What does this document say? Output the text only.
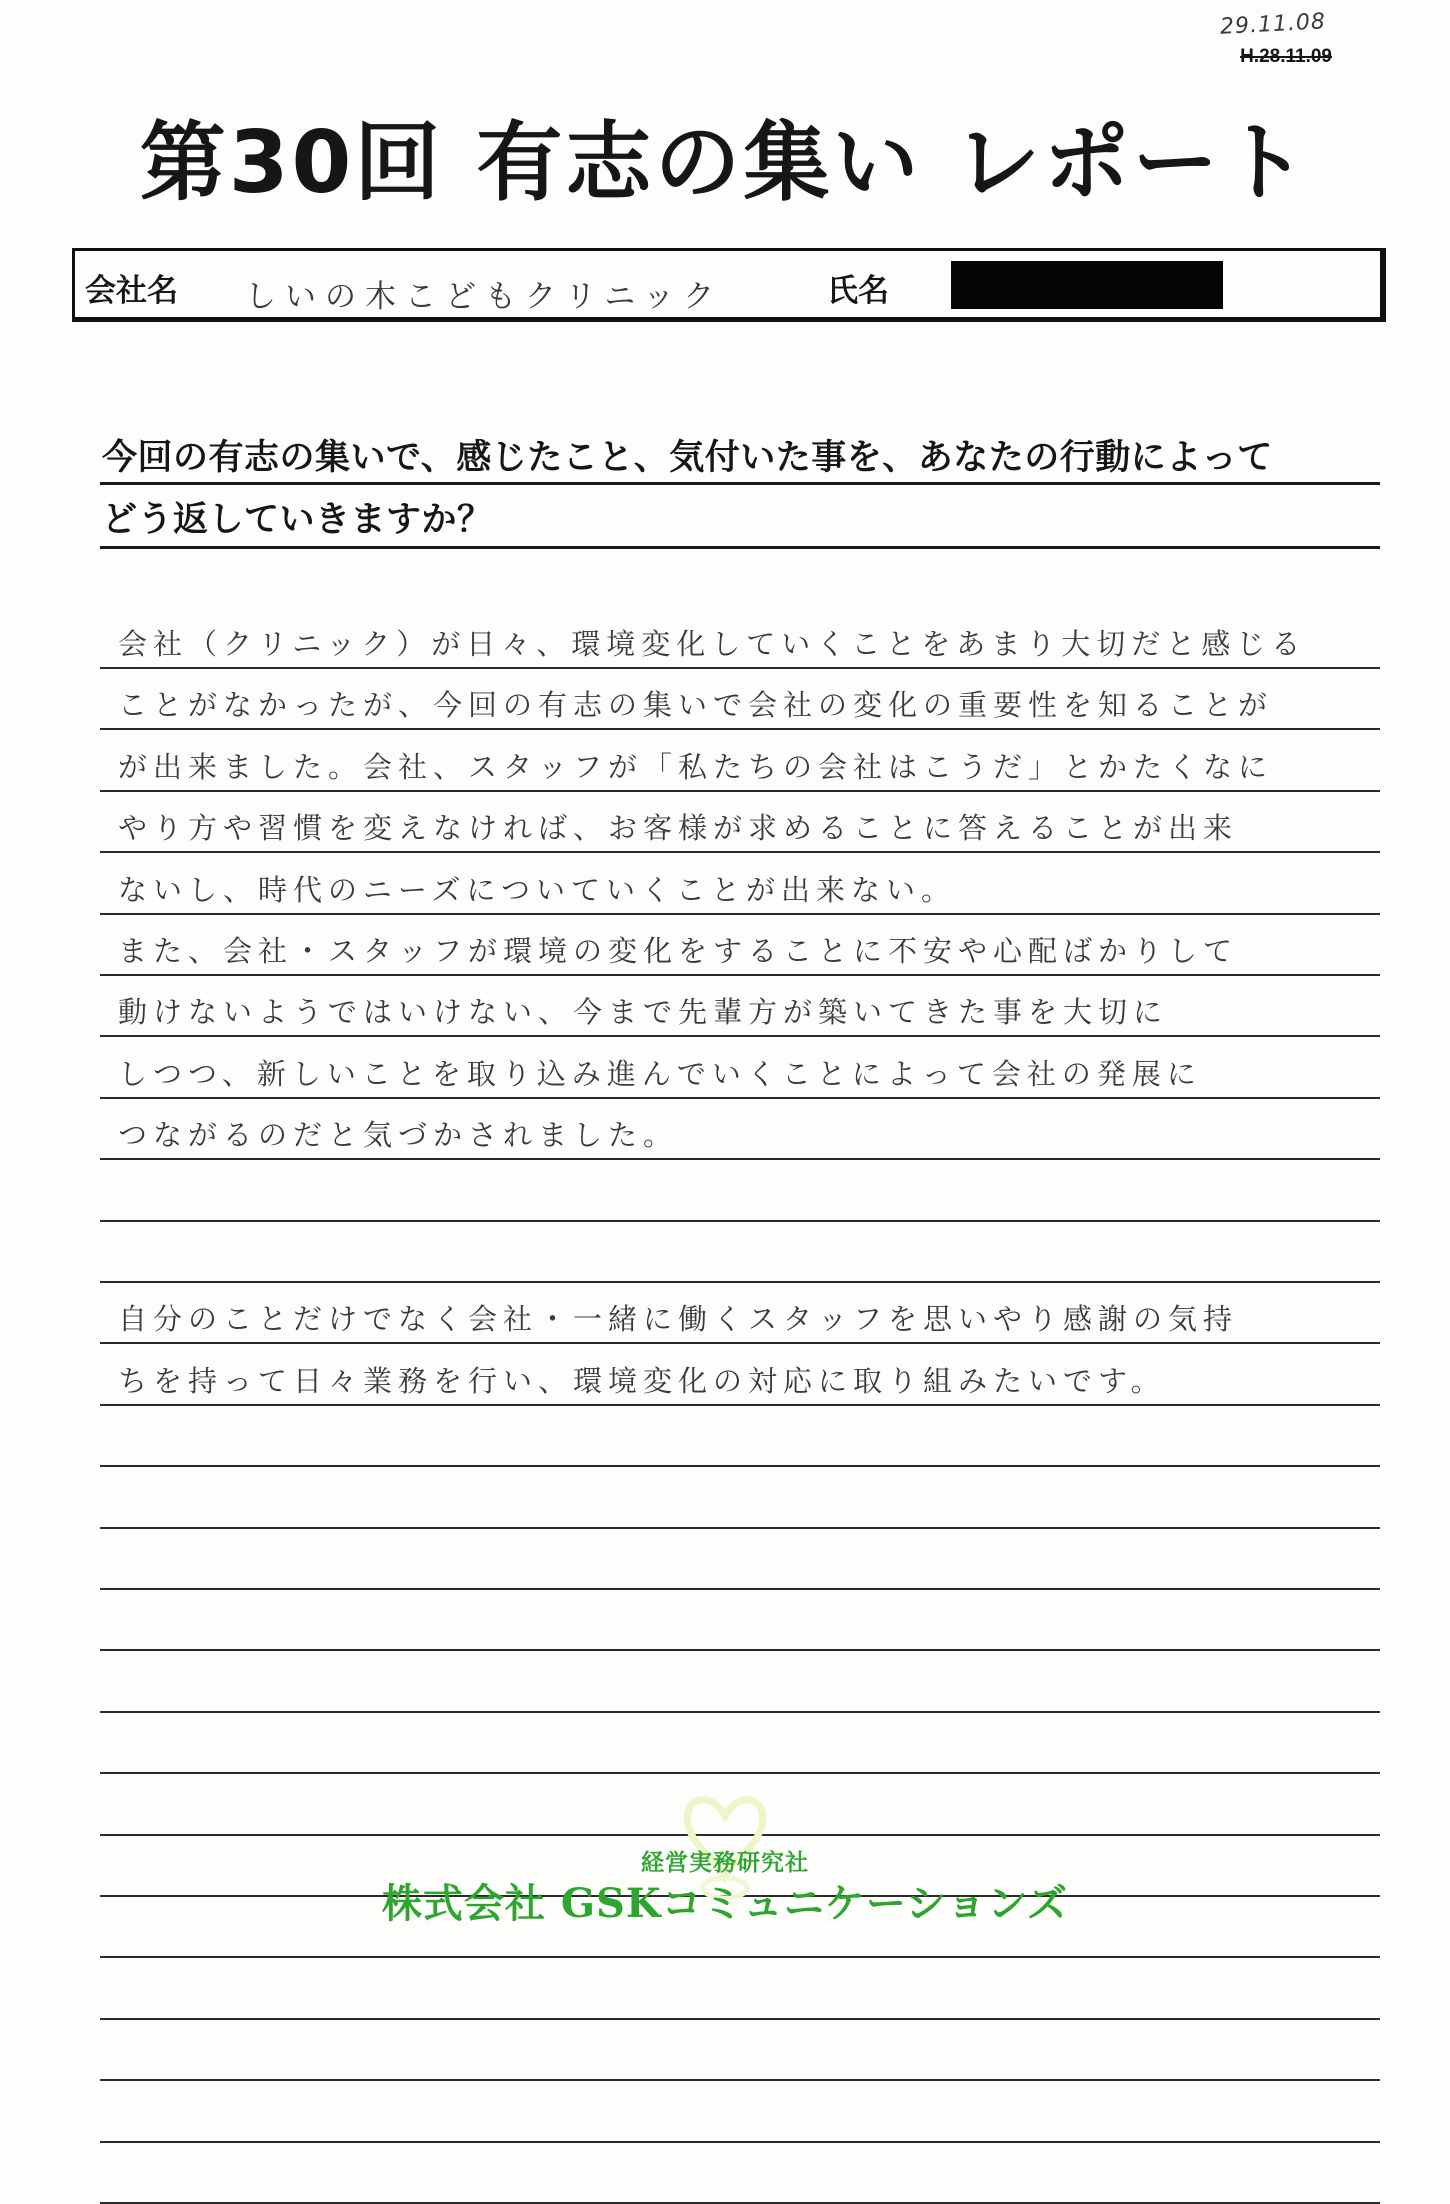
29.11.08
H.28.11.09
第30回 有志の集い レポート
会社名 しいの木こどもクリニック	氏名
今回の有志の集いで、感じたこと、気付いた事を、あなたの行動によって
どう返していきますか？
会社（クリニック）が日々、環境変化していくことをあまり大切だと感じる
ことがなかったが、今回の有志の集いで会社の変化の重要性を知ることが
が出来ました。会社、スタッフが「私たちの会社はこうだ」とかたくなに
やり方や習慣を変えなければ、お客様が求めることに答えることが出来
ないし、時代のニーズについていくことが出来ない。
また、会社・スタッフが環境の変化をすることに不安や心配ばかりして
動けないようではいけない、今まで先輩方が築いてきた事を大切に
しつつ、新しいことを取り込み進んでいくことによって会社の発展に
つながるのだと気づかされました。
自分のことだけでなく会社・一緒に働くスタッフを思いやり感謝の気持
ちを持って日々業務を行い、環境変化の対応に取り組みたいです。
経営実務研究社
株式会社 GSKコミュニケーションズ
